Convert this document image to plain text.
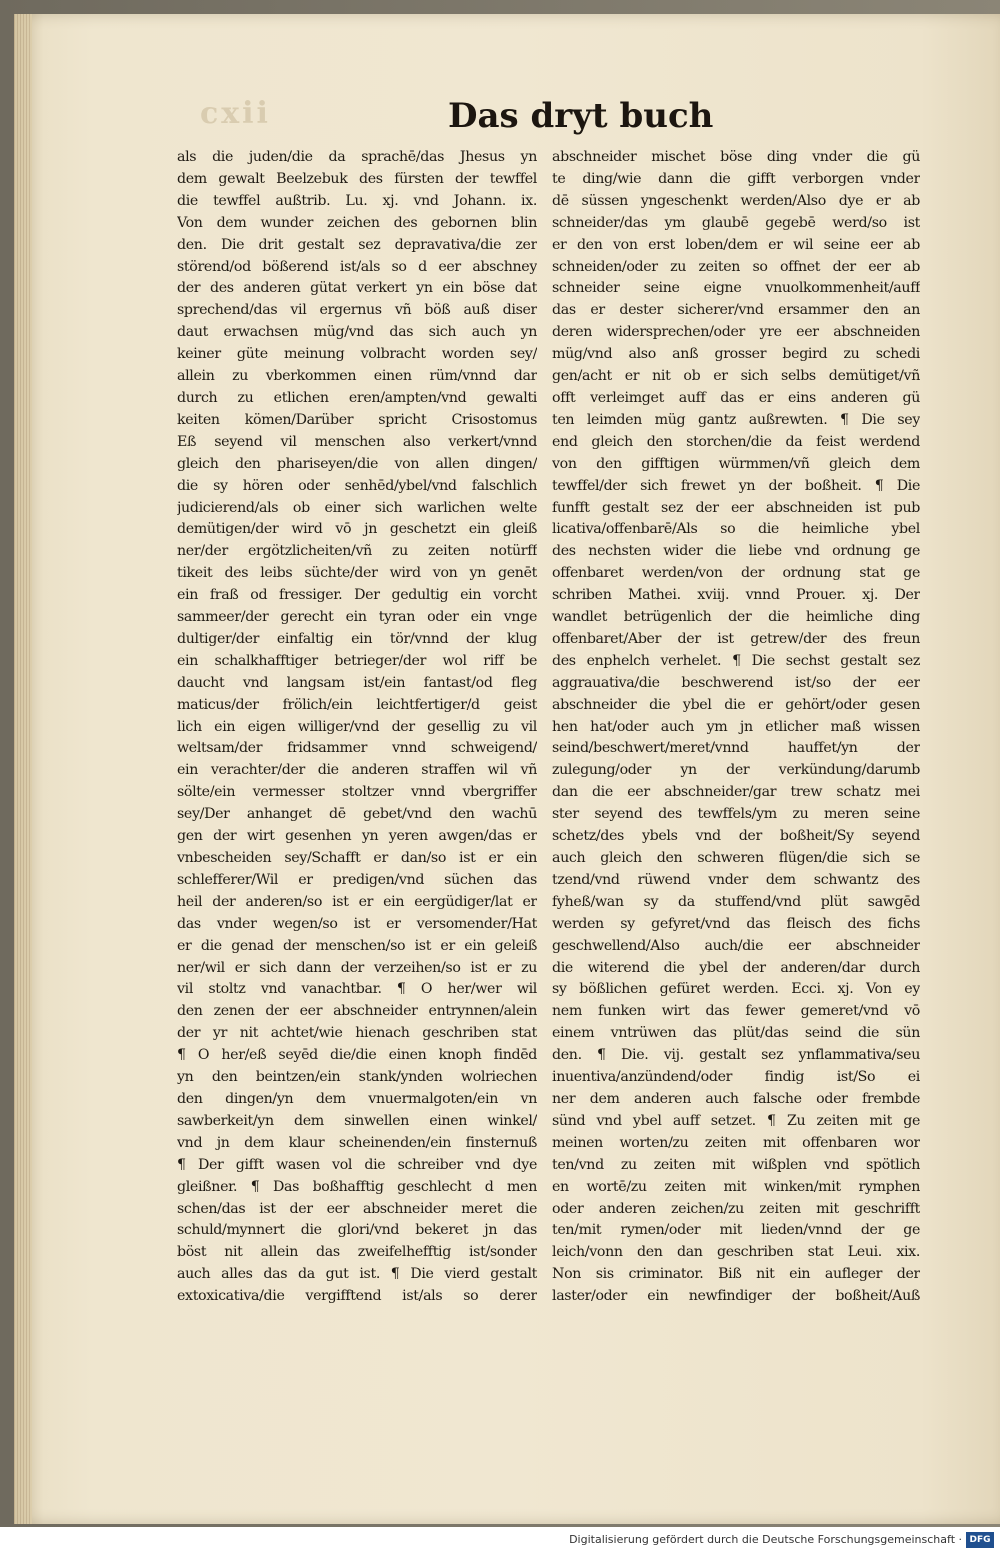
cxii	Das dryt buch
als die juden/die da sprachē/das Jhesus yn
dem gewalt Beelzebuk des fürsten der tewffel
die tewffel außtrib. Lu. xj. vnd Johann. ix.
Von dem wunder zeichen des gebornen blin
den. Die drit gestalt sez depravativa/die zer
störend/od bößerend ist/als so d eer abschney
der des anderen gütat verkert yn ein böse dat
sprechend/das vil ergernus vñ böß auß diser
daut erwachsen müg/vnd das sich auch yn
keiner güte meinung volbracht worden sey/
allein zu vberkommen einen rüm/vnnd dar
durch zu etlichen eren/ampten/vnd gewalti
keiten kömen/Darüber spricht Crisostomus
Eß seyend vil menschen also verkert/vnnd
gleich den phariseyen/die von allen dingen/
die sy hören oder senhēd/ybel/vnd falschlich
judicierend/als ob einer sich warlichen welte
demütigen/der wird vō jn geschetzt ein gleiß
ner/der ergötzlicheiten/vñ zu zeiten notürff
tikeit des leibs süchte/der wird von yn genēt
ein fraß od fressiger. Der gedultig ein vorcht
sammeer/der gerecht ein tyran oder ein vnge
dultiger/der einfaltig ein tör/vnnd der klug
ein schalkhafftiger betrieger/der wol riff be
daucht vnd langsam ist/ein fantast/od fleg
maticus/der frölich/ein leichtfertiger/d geist
lich ein eigen williger/vnd der gesellig zu vil
weltsam/der fridsammer vnnd schweigend/
ein verachter/der die anderen straffen wil vñ
sölte/ein vermesser stoltzer vnnd vbergriffer
sey/Der anhanget dē gebet/vnd den wachū
gen der wirt gesenhen yn yeren awgen/das er
vnbescheiden sey/Schafft er dan/so ist er ein
schlefferer/Wil er predigen/vnd süchen das
heil der anderen/so ist er ein eergüdiger/lat er
das vnder wegen/so ist er versomender/Hat
er die genad der menschen/so ist er ein geleiß
ner/wil er sich dann der verzeihen/so ist er zu
vil stoltz vnd vanachtbar. ¶ O her/wer wil
den zenen der eer abschneider entrynnen/alein
der yr nit achtet/wie hienach geschriben stat
¶ O her/eß seyēd die/die einen knoph findēd
yn den beintzen/ein stank/ynden wolriechen
den dingen/yn dem vnuermalgoten/ein vn
sawberkeit/yn dem sinwellen einen winkel/
vnd jn dem klaur scheinenden/ein finsternuß
¶ Der gifft wasen vol die schreiber vnd dye
gleißner. ¶ Das boßhafftig geschlecht d men
schen/das ist der eer abschneider meret die
schuld/mynnert die glori/vnd bekeret jn das
böst nit allein das zweifelhefftig ist/sonder
auch alles das da gut ist. ¶ Die vierd gestalt
extoxicativa/die vergifftend ist/als so derer
abschneider mischet böse ding vnder die gü
te ding/wie dann die gifft verborgen vnder
dē süssen yngeschenkt werden/Also dye er ab
schneider/das ym glaubē gegebē werd/so ist
er den von erst loben/dem er wil seine eer ab
schneiden/oder zu zeiten so offnet der eer ab
schneider seine eigne vnuolkommenheit/auff
das er dester sicherer/vnd ersammer den an
deren widersprechen/oder yre eer abschneiden
müg/vnd also anß grosser begird zu schedi
gen/acht er nit ob er sich selbs demütiget/vñ
offt verleimget auff das er eins anderen gü
ten leimden müg gantz außrewten. ¶ Die sey
end gleich den storchen/die da feist werdend
von den gifftigen würmmen/vñ gleich dem
tewffel/der sich frewet yn der boßheit. ¶ Die
funfft gestalt sez der eer abschneiden ist pub
licativa/offenbarē/Als so die heimliche ybel
des nechsten wider die liebe vnd ordnung ge
offenbaret werden/von der ordnung stat ge
schriben Mathei. xviij. vnnd Prouer. xj. Der
wandlet betrügenlich der die heimliche ding
offenbaret/Aber der ist getrew/der des freun
des enphelch verhelet. ¶ Die sechst gestalt sez
aggrauativa/die beschwerend ist/so der eer
abschneider die ybel die er gehört/oder gesen
hen hat/oder auch ym jn etlicher maß wissen
seind/beschwert/meret/vnnd hauffet/yn der
zulegung/oder yn der verkündung/darumb
dan die eer abschneider/gar trew schatz mei
ster seyend des tewffels/ym zu meren seine
schetz/des ybels vnd der boßheit/Sy seyend
auch gleich den schweren flügen/die sich se
tzend/vnd rüwend vnder dem schwantz des
fyheß/wan sy da stuffend/vnd plüt sawgēd
werden sy gefyret/vnd das fleisch des fichs
geschwellend/Also auch/die eer abschneider
die witerend die ybel der anderen/dar durch
sy bößlichen gefüret werden. Ecci. xj. Von ey
nem funken wirt das fewer gemeret/vnd vō
einem vntrüwen das plüt/das seind die sün
den. ¶ Die. vij. gestalt sez ynflammativa/seu
inuentiva/anzündend/oder findig ist/So ei
ner dem anderen auch falsche oder frembde
sünd vnd ybel auff setzet. ¶ Zu zeiten mit ge
meinen worten/zu zeiten mit offenbaren wor
ten/vnd zu zeiten mit wißplen vnd spötlich
en wortē/zu zeiten mit winken/mit rymphen
oder anderen zeichen/zu zeiten mit geschrifft
ten/mit rymen/oder mit lieden/vnnd der ge
leich/vonn den dan geschriben stat Leui. xix.
Non sis criminator. Biß nit ein aufleger der
laster/oder ein newfindiger der boßheit/Auß
Digitalisierung gefördert durch die Deutsche Forschungsgemeinschaft · DFG
